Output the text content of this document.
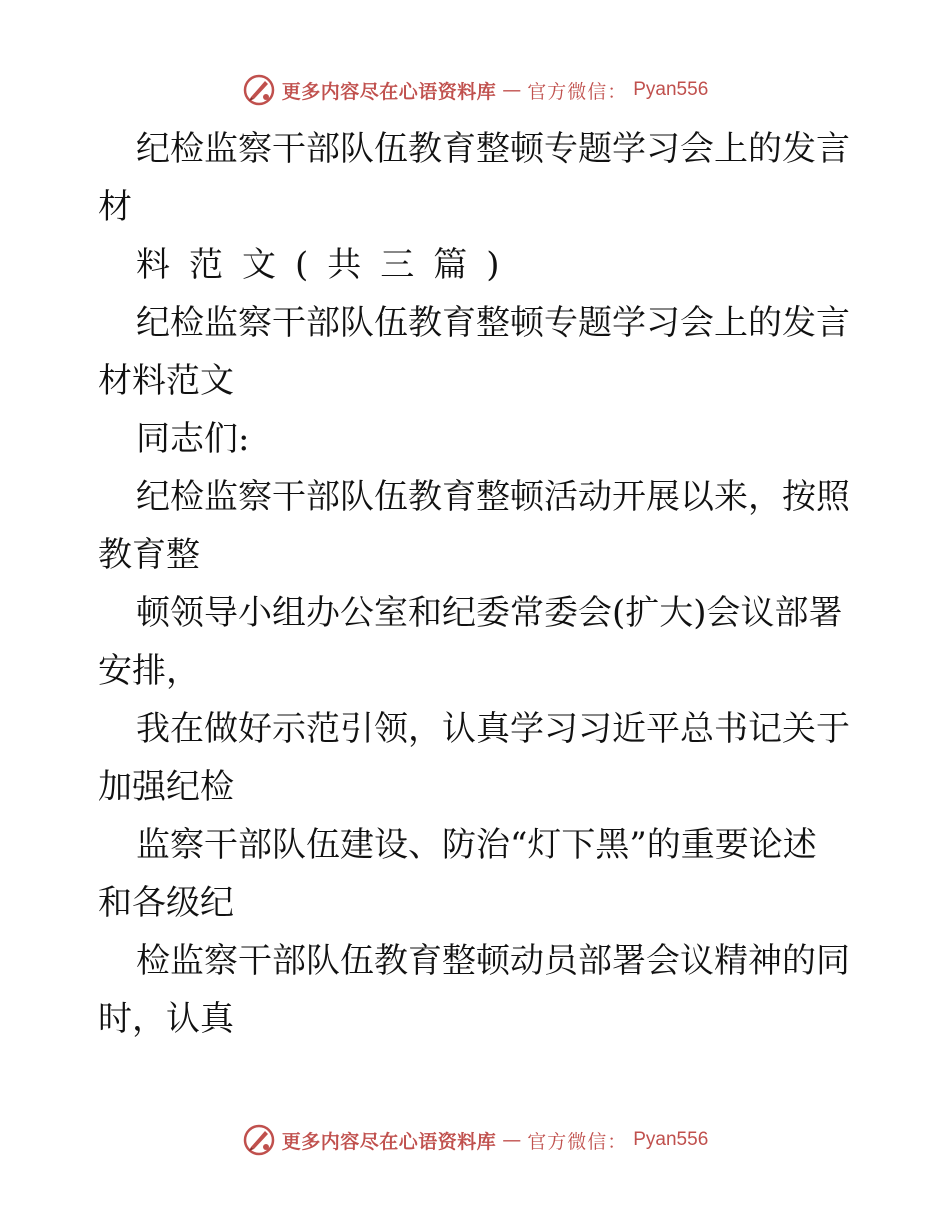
更多内容尽在心语资料库 — 官方微信： Pyan556
纪检监察干部队伍教育整顿专题学习会上的发言
材
料范文(共三篇)
纪检监察干部队伍教育整顿专题学习会上的发言
材料范文
同志们:
纪检监察干部队伍教育整顿活动开展以来，按照
教育整
顿领导小组办公室和纪委常委会(扩大)会议部署
安排，
我在做好示范引领，认真学习习近平总书记关于
加强纪检
监察干部队伍建设、防治“灯下黑”的重要论述
和各级纪
检监察干部队伍教育整顿动员部署会议精神的同
时，认真
更多内容尽在心语资料库 — 官方微信： Pyan556
